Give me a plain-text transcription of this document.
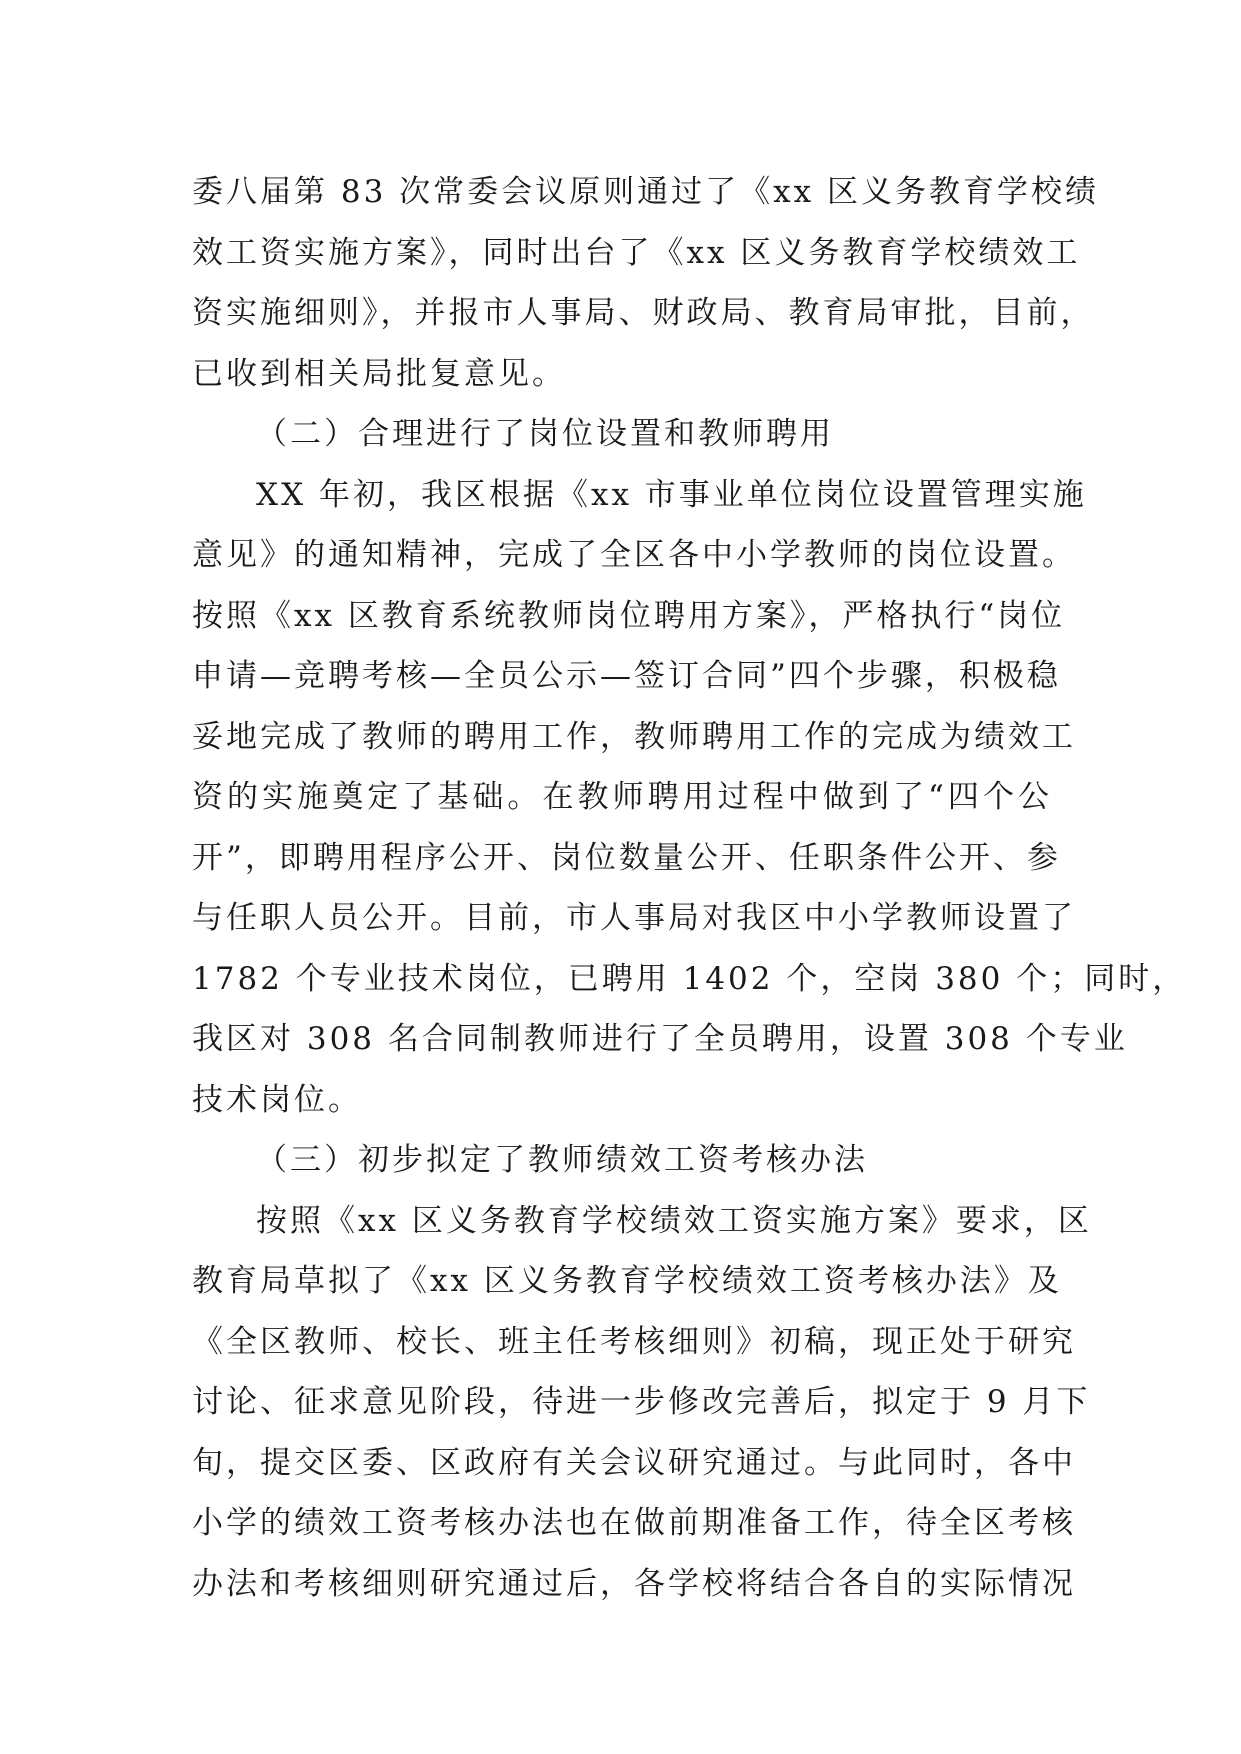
委八届第 83 次常委会议原则通过了《xx 区义务教育学校绩
效工资实施方案》，同时出台了《xx 区义务教育学校绩效工
资实施细则》，并报市人事局、财政局、教育局审批，目前，
已收到相关局批复意见。
（二）合理进行了岗位设置和教师聘用
XX 年初，我区根据《xx 市事业单位岗位设置管理实施
意见》的通知精神，完成了全区各中小学教师的岗位设置。
按照《xx 区教育系统教师岗位聘用方案》，严格执行“岗位
申请—竞聘考核—全员公示—签订合同”四个步骤，积极稳
妥地完成了教师的聘用工作，教师聘用工作的完成为绩效工
资的实施奠定了基础。在教师聘用过程中做到了“四个公
开”，即聘用程序公开、岗位数量公开、任职条件公开、参
与任职人员公开。目前，市人事局对我区中小学教师设置了
1782 个专业技术岗位，已聘用 1402 个，空岗 380 个；同时，
我区对 308 名合同制教师进行了全员聘用，设置 308 个专业
技术岗位。
（三）初步拟定了教师绩效工资考核办法
按照《xx 区义务教育学校绩效工资实施方案》要求，区
教育局草拟了《xx 区义务教育学校绩效工资考核办法》及
《全区教师、校长、班主任考核细则》初稿，现正处于研究
讨论、征求意见阶段，待进一步修改完善后，拟定于 9 月下
旬，提交区委、区政府有关会议研究通过。与此同时，各中
小学的绩效工资考核办法也在做前期准备工作，待全区考核
办法和考核细则研究通过后，各学校将结合各自的实际情况
